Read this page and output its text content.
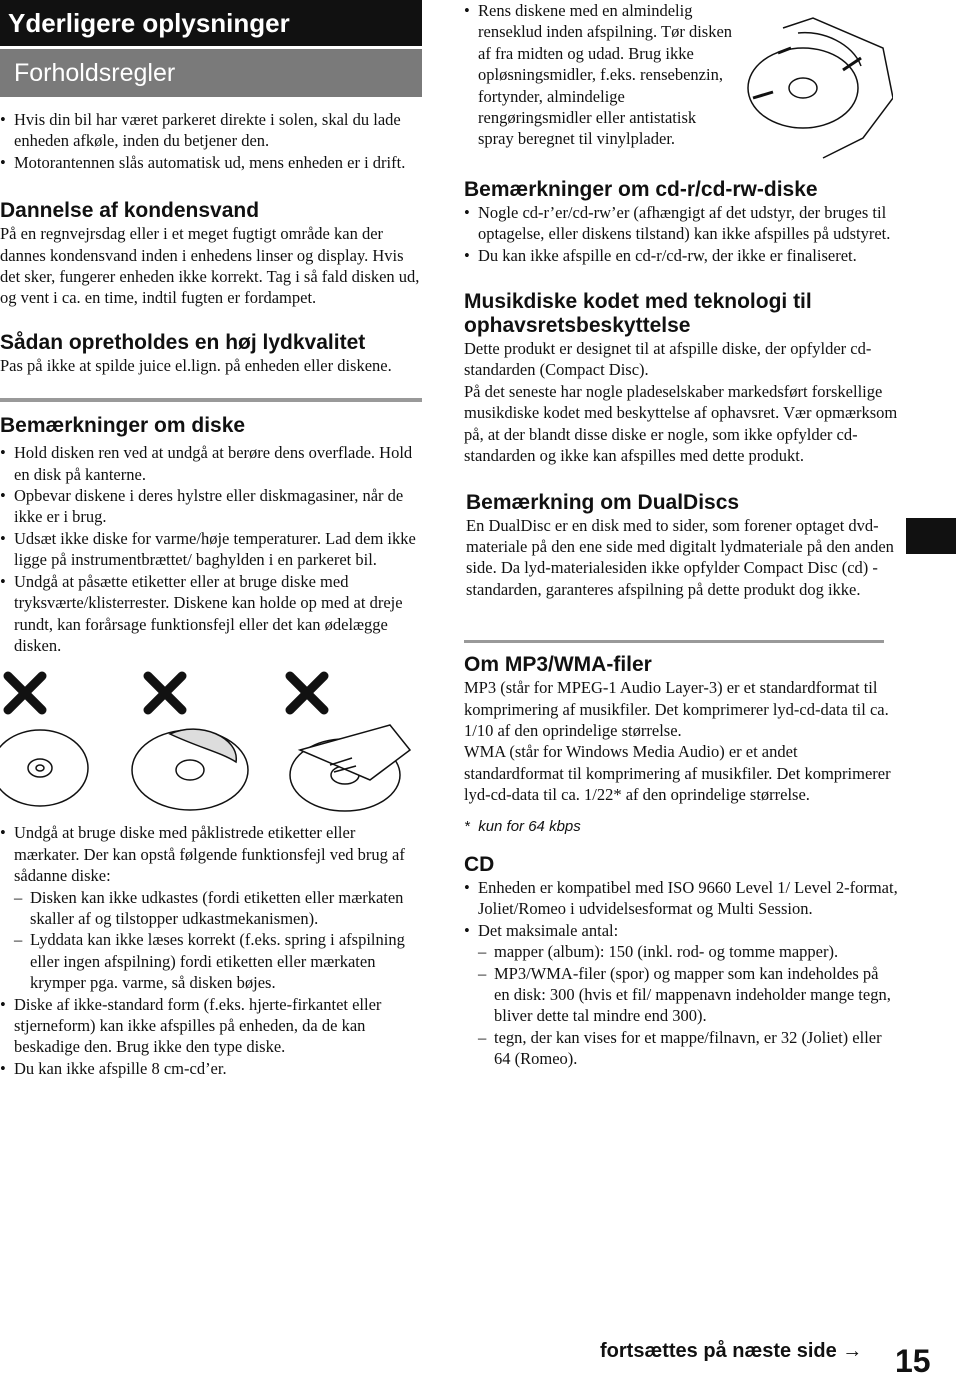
Yderligere oplysninger
Forholdsregler
• Hvis din bil har været parkeret direkte i solen, skal du lade enheden afkøle, inden du betjener den.
• Motorantennen slås automatisk ud, mens enheden er i drift.
Dannelse af kondensvand

På en regnvejrsdag eller i et meget fugtigt område kan der dannes kondensvand inden i enhedens linser og display. Hvis det sker, fungerer enheden ikke korrekt. Tag i så fald disken ud, og vent i ca. en time, indtil fugten er fordampet.

Sådan opretholdes en høj lydkvalitet

Pas på ikke at spilde juice el.lign. på enheden eller diskene.

Bemærkninger om diske
• Hold disken ren ved at undgå at berøre dens overflade. Hold en disk på kanterne.
• Opbevar diskene i deres hylstre eller diskmagasiner, når de ikke er i brug.
• Udsæt ikke diske for varme/høje temperaturer. Lad dem ikke ligge på instrumentbrættet/ baghylden i en parkeret bil.
• Undgå at påsætte etiketter eller at bruge diske med tryksværte/klisterrester. Diskene kan holde op med at dreje rundt, kan forårsage funktionsfejl eller det kan ødelægge disken.
• Undgå at bruge diske med påklistrede etiketter eller mærkater. Der kan opstå følgende funktionsfejl ved brug af sådanne diske:
– Disken kan ikke udkastes (fordi etiketten eller mærkaten skaller af og tilstopper udkastmekanismen).
– Lyddata kan ikke læses korrekt (f.eks. spring i afspilning eller ingen afspilning) fordi etiketten eller mærkaten krymper pga. varme, så disken bøjes.
• Diske af ikke-standard form (f.eks. hjerte-firkantet eller stjerneform) kan ikke afspilles på enheden, da de kan beskadige den. Brug ikke den type diske.
• Du kan ikke afspille 8 cm-cd’er.
• Rens diskene med en almindelig renseklud inden afspilning. Tør disken af fra midten og udad. Brug ikke opløsningsmidler, f.eks. rensebenzin, fortynder, almindelige rengøringsmidler eller antistatisk spray beregnet til vinylplader.
Bemærkninger om cd-r/cd-rw-diske
• Nogle cd-r’er/cd-rw’er (afhængigt af det udstyr, der bruges til optagelse, eller diskens tilstand) kan ikke afspilles på udstyret.
• Du kan ikke afspille en cd-r/cd-rw, der ikke er finaliseret.
Musikdiske kodet med teknologi til
ophavsretsbeskyttelse

Dette produkt er designet til at afspille diske, der opfylder cd-standarden (Compact Disc).

På det seneste har nogle pladeselskaber markedsført forskellige musikdiske kodet med beskyttelse af ophavsret. Vær opmærksom på, at der blandt disse diske er nogle, som ikke opfylder cd-standarden og ikke kan afspilles med dette produkt.

Bemærkning om DualDiscs

En DualDisc er en disk med to sider, som forener optaget dvd-materiale på den ene side med digitalt lydmateriale på den anden side. Da lyd-materialesiden ikke opfylder Compact Disc (cd) -standarden, garanteres afspilning på dette produkt dog ikke.

Om MP3/WMA-filer

MP3 (står for MPEG-1 Audio Layer-3) er et standardformat til komprimering af musikfiler. Det komprimerer lyd-cd-data til ca. 1/10 af den oprindelige størrelse.

WMA (står for Windows Media Audio) er et andet standardformat til komprimering af musikfiler. Det komprimerer lyd-cd-data til ca. 1/22* af den oprindelige størrelse.

* kun for 64 kbps

CD
• Enheden er kompatibel med ISO 9660 Level 1/ Level 2-format, Joliet/Romeo i udvidelsesformat og Multi Session.
• Det maksimale antal:
– mapper (album): 150 (inkl. rod- og tomme mapper).
– MP3/WMA-filer (spor) og mapper som kan indeholdes på en disk: 300 (hvis et fil/ mappenavn indeholder mange tegn, bliver dette tal mindre end 300).
– tegn, der kan vises for et mappe/filnavn, er 32 (Joliet) eller 64 (Romeo).
fortsættes på næste side → 15
